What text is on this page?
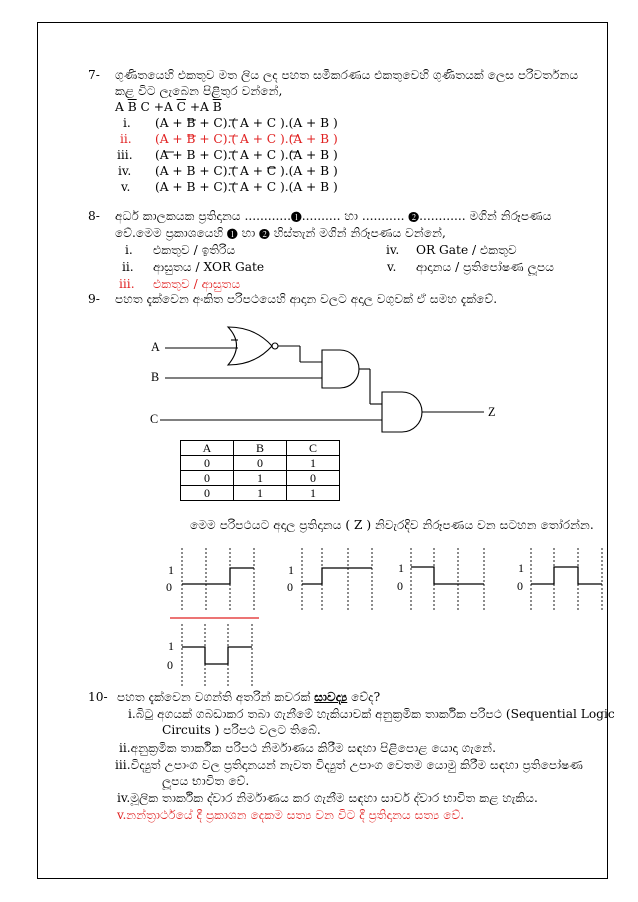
7- ගුණිතයෙහි එකතුව මත ලිය ලද පහත සමීකරණය එකතුවෙහි ගුණිතයක් ලෙස පරිවර්තනය
කළ විට ලැබෙන පිළිතුර වන්නේ,
A $\overline{B}$ C +A $\overline{C} +A$ $\overline{B}$
i. (A + B + C).( A + C ).(A + B )
ii. (A + B + C).( A + C ).(A + B )
iii. (A + B + C).( A + C ).(A + B )
iv. (A + B + C).( A + C ).(A + B )
v. (A + B + C).( A + C ).(A + B )
8- අර්ධ කාලකයක ප්‍රතිදානය ............❶.......... හා ........... ❷............ මගින් නිරූපණය
වේ.මෙම ප්‍රකාශයෙහි ❶ හා ❷ හිස්තැන් මගින් නිරූපණය වන්නේ,
i. එකතුව / ඉතිරිය
ii. ආසුතය / XOR Gate
iii. එකතුව / ආසුතය
iv. OR Gate / එකතුව
v. ආදානය / ප්‍රතිපෝෂණ ලූපය
9- පහත දැක්වෙන අංකිත පරිපථයෙහි ආදාන වලට අදාල වගුවක් ඒ සමහ දැක්වේ.
A
B
C	Z
A	B	C
0	0	1
0	1	0
0	1	1
මෙම පරිපථයට අදාල ප්‍රතිදානය ( Z ) නිවැරදිව නිරූපණය වන සටහන තෝරන්න.
1
0
1
0
1
0
1
0
1
0
10- පහත දැක්වෙන වගන්ති අතරින් කවරක් සාවද්‍ය වේද?
i.බිටු අගයක් ගබඩාකර තබා ගැනීමේ හැකියාවක් අනුක්‍රමික තාර්කික පරිපථ (Sequential Logic
Circuits ) පරිපථ වලට තිබේ.
ii.අනුක්‍රමික තාර්කික පරිපථ නිර්මාණය කිරීම සඳහා පිළිපොළ යොදා ගැනේ.
iii.විද්‍යුත් උපාංග වල ප්‍රතිදානයන් නැවත විද්‍යුත් උපාංග වෙතම යොමු කිරීම සඳහා ප්‍රතිපෝෂණ
ලූපය භාවිත වේ.
iv.මූලික තාර්කික ද්වාර නිර්මාණය කර ගැනීම සඳහා සාර්ව ද්වාර භාවිත කළ හැකිය.
v.නන්ත්‍රාර්ථයේ දී ප්‍රකාශන දෙකම සත්‍ය වන විට දී ප්‍රතිදානය සත්‍ය වේ.
